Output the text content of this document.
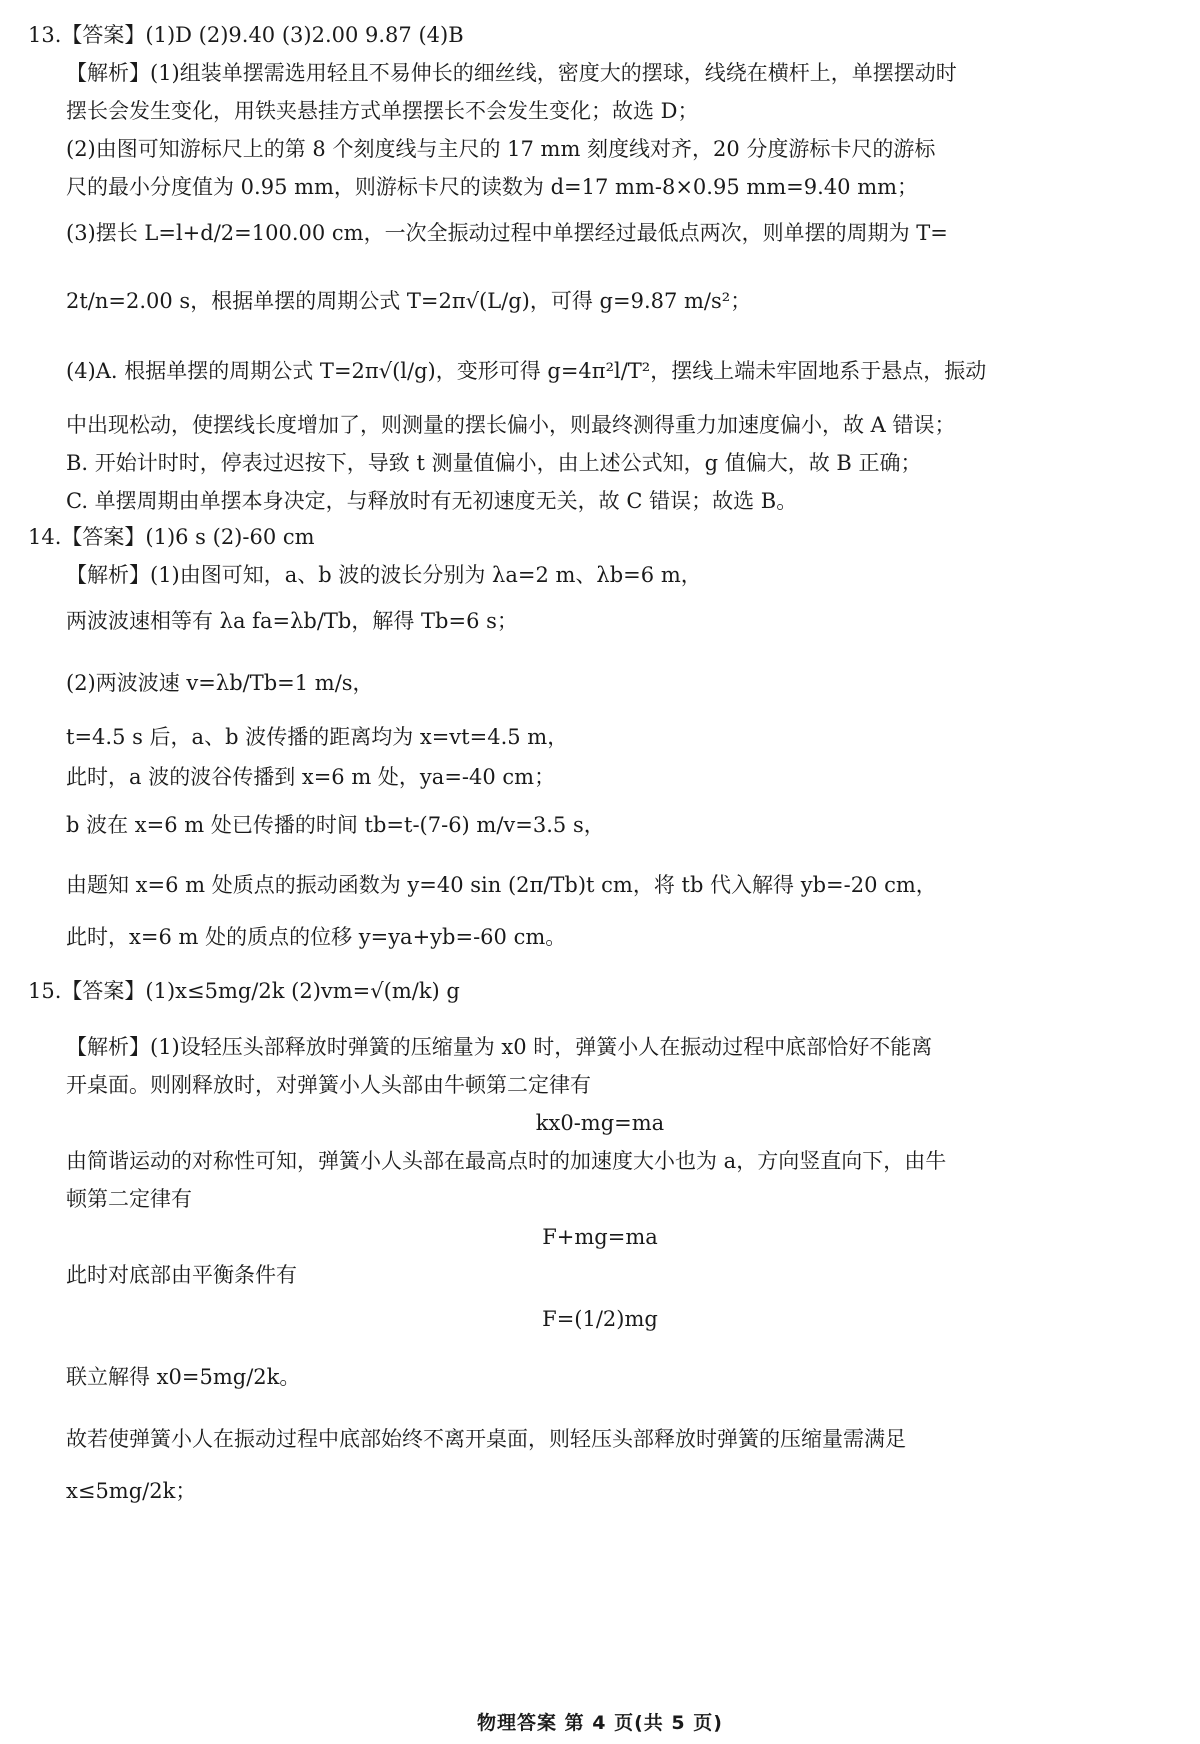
13.【答案】(1)D (2)9.40 (3)2.00 9.87 (4)B
【解析】(1)组装单摆需选用轻且不易伸长的细丝线，密度大的摆球，线绕在横杆上，单摆摆动时
摆长会发生变化，用铁夹悬挂方式单摆摆长不会发生变化；故选 D；
(2)由图可知游标尺上的第 8 个刻度线与主尺的 17 mm 刻度线对齐，20 分度游标卡尺的游标
尺的最小分度值为 0.95 mm，则游标卡尺的读数为 d=17 mm-8×0.95 mm=9.40 mm；
(3)摆长 L=l+d/2=100.00 cm，一次全振动过程中单摆经过最低点两次，则单摆的周期为 T=
2t/n=2.00 s，根据单摆的周期公式 T=2π√(L/g)，可得 g=9.87 m/s²；
(4)A. 根据单摆的周期公式 T=2π√(l/g)，变形可得 g=4π²l/T²，摆线上端未牢固地系于悬点，振动
中出现松动，使摆线长度增加了，则测量的摆长偏小，则最终测得重力加速度偏小，故 A 错误；
B. 开始计时时，停表过迟按下，导致 t 测量值偏小，由上述公式知，g 值偏大，故 B 正确；
C. 单摆周期由单摆本身决定，与释放时有无初速度无关，故 C 错误；故选 B。
14.【答案】(1)6 s (2)-60 cm
【解析】(1)由图可知，a、b 波的波长分别为 λa=2 m、λb=6 m，
两波波速相等有 λa fa=λb/Tb，解得 Tb=6 s；
(2)两波波速 v=λb/Tb=1 m/s，
t=4.5 s 后，a、b 波传播的距离均为 x=vt=4.5 m，
此时，a 波的波谷传播到 x=6 m 处，ya=-40 cm；
b 波在 x=6 m 处已传播的时间 tb=t-(7-6) m/v=3.5 s，
由题知 x=6 m 处质点的振动函数为 y=40 sin (2π/Tb)t cm，将 tb 代入解得 yb=-20 cm，
此时，x=6 m 处的质点的位移 y=ya+yb=-60 cm。
15.【答案】(1)x≤5mg/2k (2)vm=√(m/k) g
【解析】(1)设轻压头部释放时弹簧的压缩量为 x0 时，弹簧小人在振动过程中底部恰好不能离
开桌面。则刚释放时，对弹簧小人头部由牛顿第二定律有
kx0-mg=ma
由简谐运动的对称性可知，弹簧小人头部在最高点时的加速度大小也为 a，方向竖直向下，由牛
顿第二定律有
F+mg=ma
此时对底部由平衡条件有
F=(1/2)mg
联立解得 x0=5mg/2k。
故若使弹簧小人在振动过程中底部始终不离开桌面，则轻压头部释放时弹簧的压缩量需满足
x≤5mg/2k；
物理答案 第 4 页(共 5 页)
